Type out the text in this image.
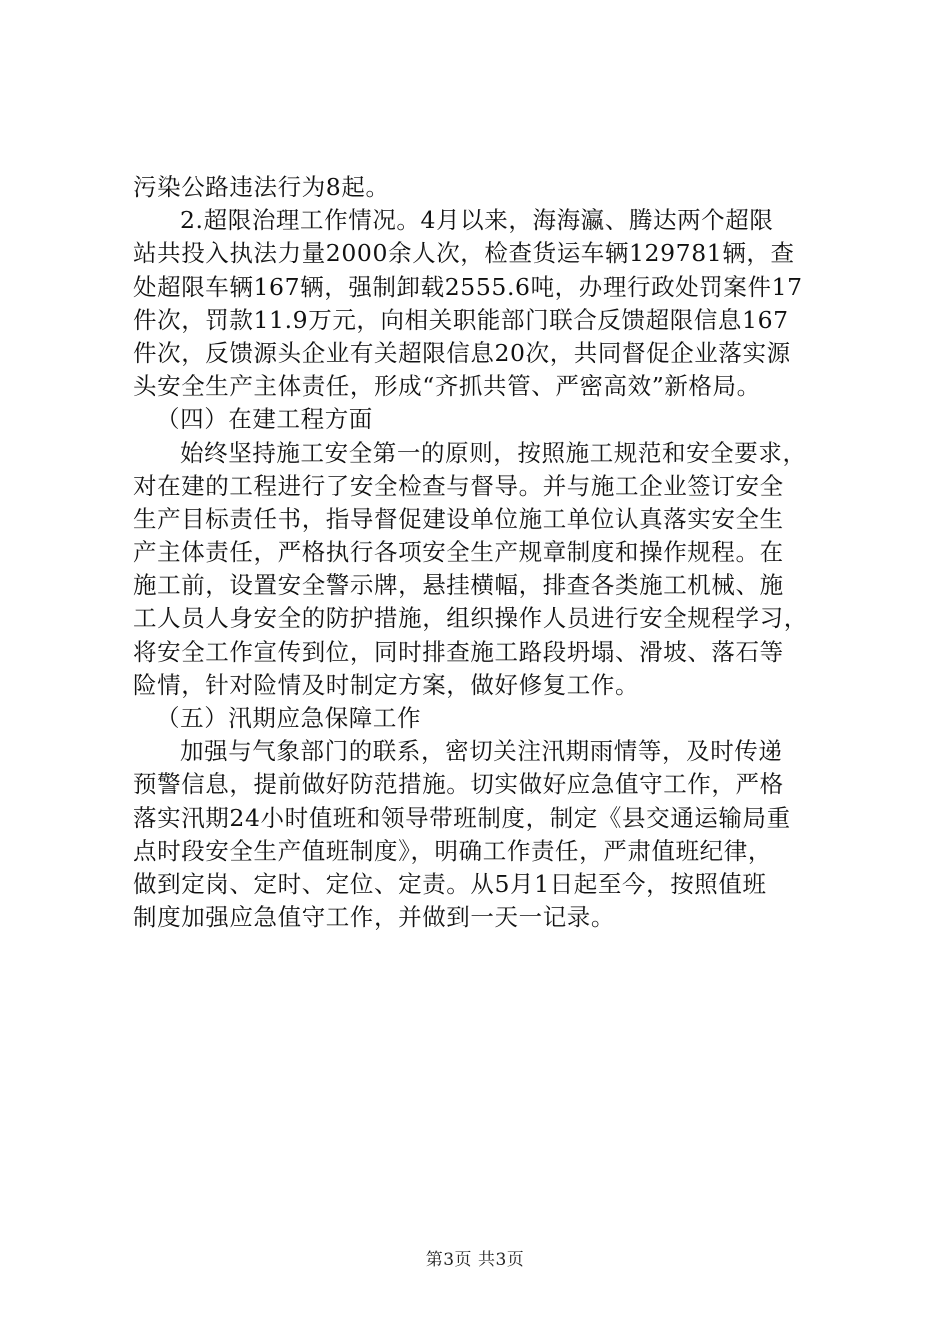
污染公路违法行为8起。
2.超限治理工作情况。4月以来，海海瀛、腾达两个超限
站共投入执法力量2000余人次，检查货运车辆129781辆，查
处超限车辆167辆，强制卸载2555.6吨，办理行政处罚案件17
件次，罚款11.9万元，向相关职能部门联合反馈超限信息167
件次，反馈源头企业有关超限信息20次，共同督促企业落实源
头安全生产主体责任，形成“齐抓共管、严密高效”新格局。
（四）在建工程方面
始终坚持施工安全第一的原则，按照施工规范和安全要求，
对在建的工程进行了安全检查与督导。并与施工企业签订安全
生产目标责任书，指导督促建设单位施工单位认真落实安全生
产主体责任，严格执行各项安全生产规章制度和操作规程。在
施工前，设置安全警示牌，悬挂横幅，排查各类施工机械、施
工人员人身安全的防护措施，组织操作人员进行安全规程学习，
将安全工作宣传到位，同时排查施工路段坍塌、滑坡、落石等
险情，针对险情及时制定方案，做好修复工作。
（五）汛期应急保障工作
加强与气象部门的联系，密切关注汛期雨情等，及时传递
预警信息，提前做好防范措施。切实做好应急值守工作，严格
落实汛期24小时值班和领导带班制度，制定《县交通运输局重
点时段安全生产值班制度》，明确工作责任，严肃值班纪律，
做到定岗、定时、定位、定责。从5月1日起至今，按照值班
制度加强应急值守工作，并做到一天一记录。
第3页 共3页
